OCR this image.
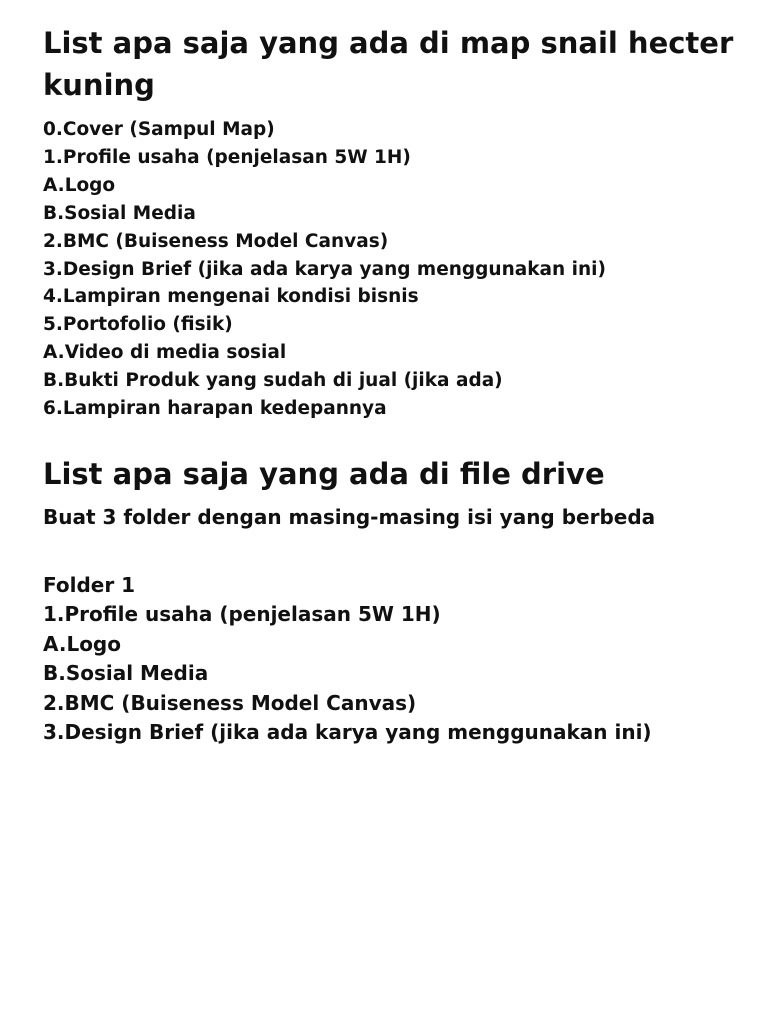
List apa saja yang ada di map snail hecter kuning
0.Cover (Sampul Map)
1.Profile usaha (penjelasan 5W 1H)
A.Logo
B.Sosial Media
2.BMC (Buiseness Model Canvas)
3.Design Brief (jika ada karya yang menggunakan ini)
4.Lampiran mengenai kondisi bisnis
5.Portofolio (fisik)
A.Video di media sosial
B.Bukti Produk yang sudah di jual (jika ada)
6.Lampiran harapan kedepannya
List apa saja yang ada di file drive

Buat 3 folder dengan masing-masing isi yang berbeda

Folder 1

1.Profile usaha (penjelasan 5W 1H)
A.Logo
B.Sosial Media
2.BMC (Buiseness Model Canvas)
3.Design Brief (jika ada karya yang menggunakan ini)
